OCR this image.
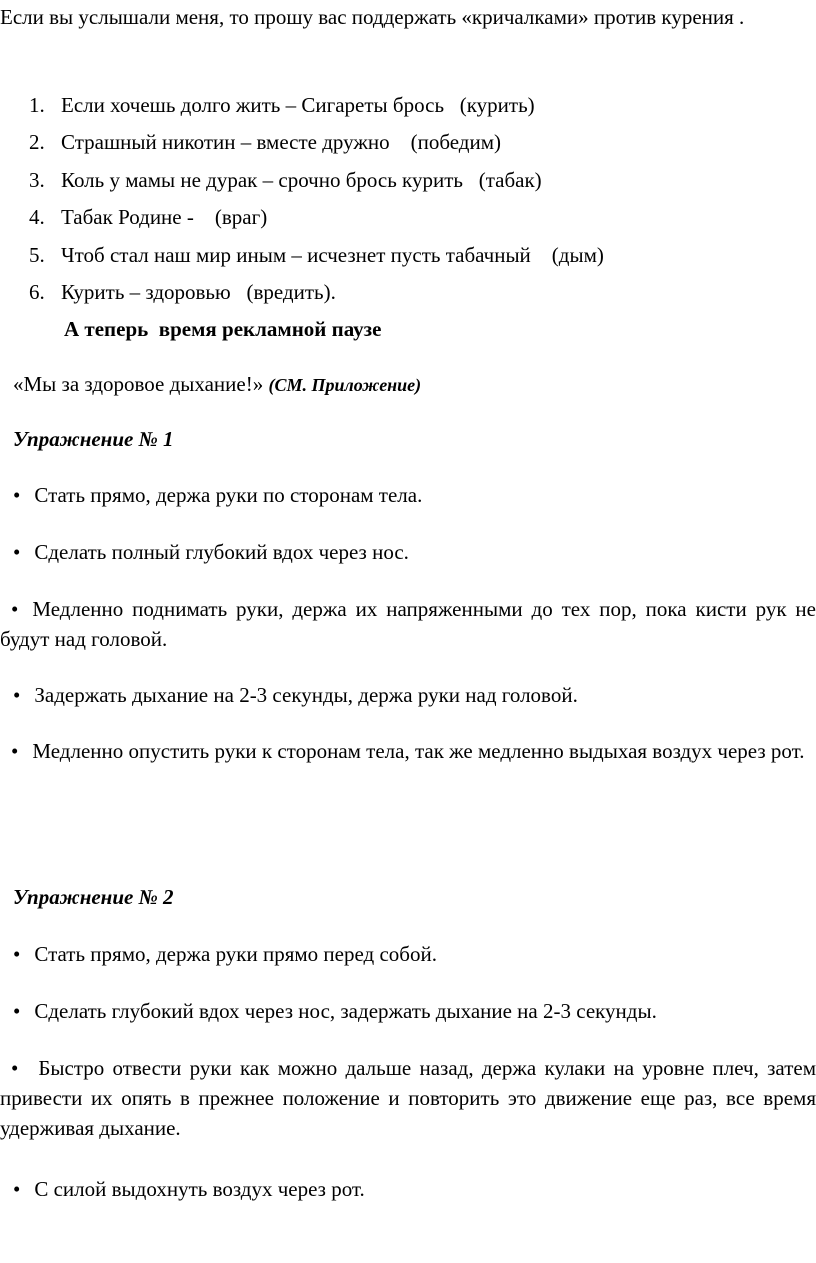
Если вы услышали меня, то прошу вас поддержать «кричалками» против курения .
1. Если хочешь долго жить – Сигареты брось   (курить)
2. Страшный никотин – вместе дружно    (победим)
3. Коль у мамы не дурак – срочно брось курить   (табак)
4. Табак Родине -    (враг)
5. Чтоб стал наш мир иным – исчезнет пусть табачный    (дым)
6. Курить – здоровью   (вредить).
А теперь  время рекламной паузе
«Мы за здоровое дыхание!» (СМ. Приложение)
Упражнение № 1
• Стать прямо, держа руки по сторонам тела.
• Сделать полный глубокий вдох через нос.
• Медленно поднимать руки, держа их напряженными до тех пор, пока кисти рук не будут над головой.
• Задержать дыхание на 2-3 секунды, держа руки над головой.
• Медленно опустить руки к сторонам тела, так же медленно выдыхая воздух через рот.
Упражнение № 2
• Стать прямо, держа руки прямо перед собой.
• Сделать глубокий вдох через нос, задержать дыхание на 2-3 секунды.
• Быстро отвести руки как можно дальше назад, держа кулаки на уровне плеч, затем привести их опять в прежнее положение и повторить это движение еще раз, все время удерживая дыхание.
• С силой выдохнуть воздух через рот.
